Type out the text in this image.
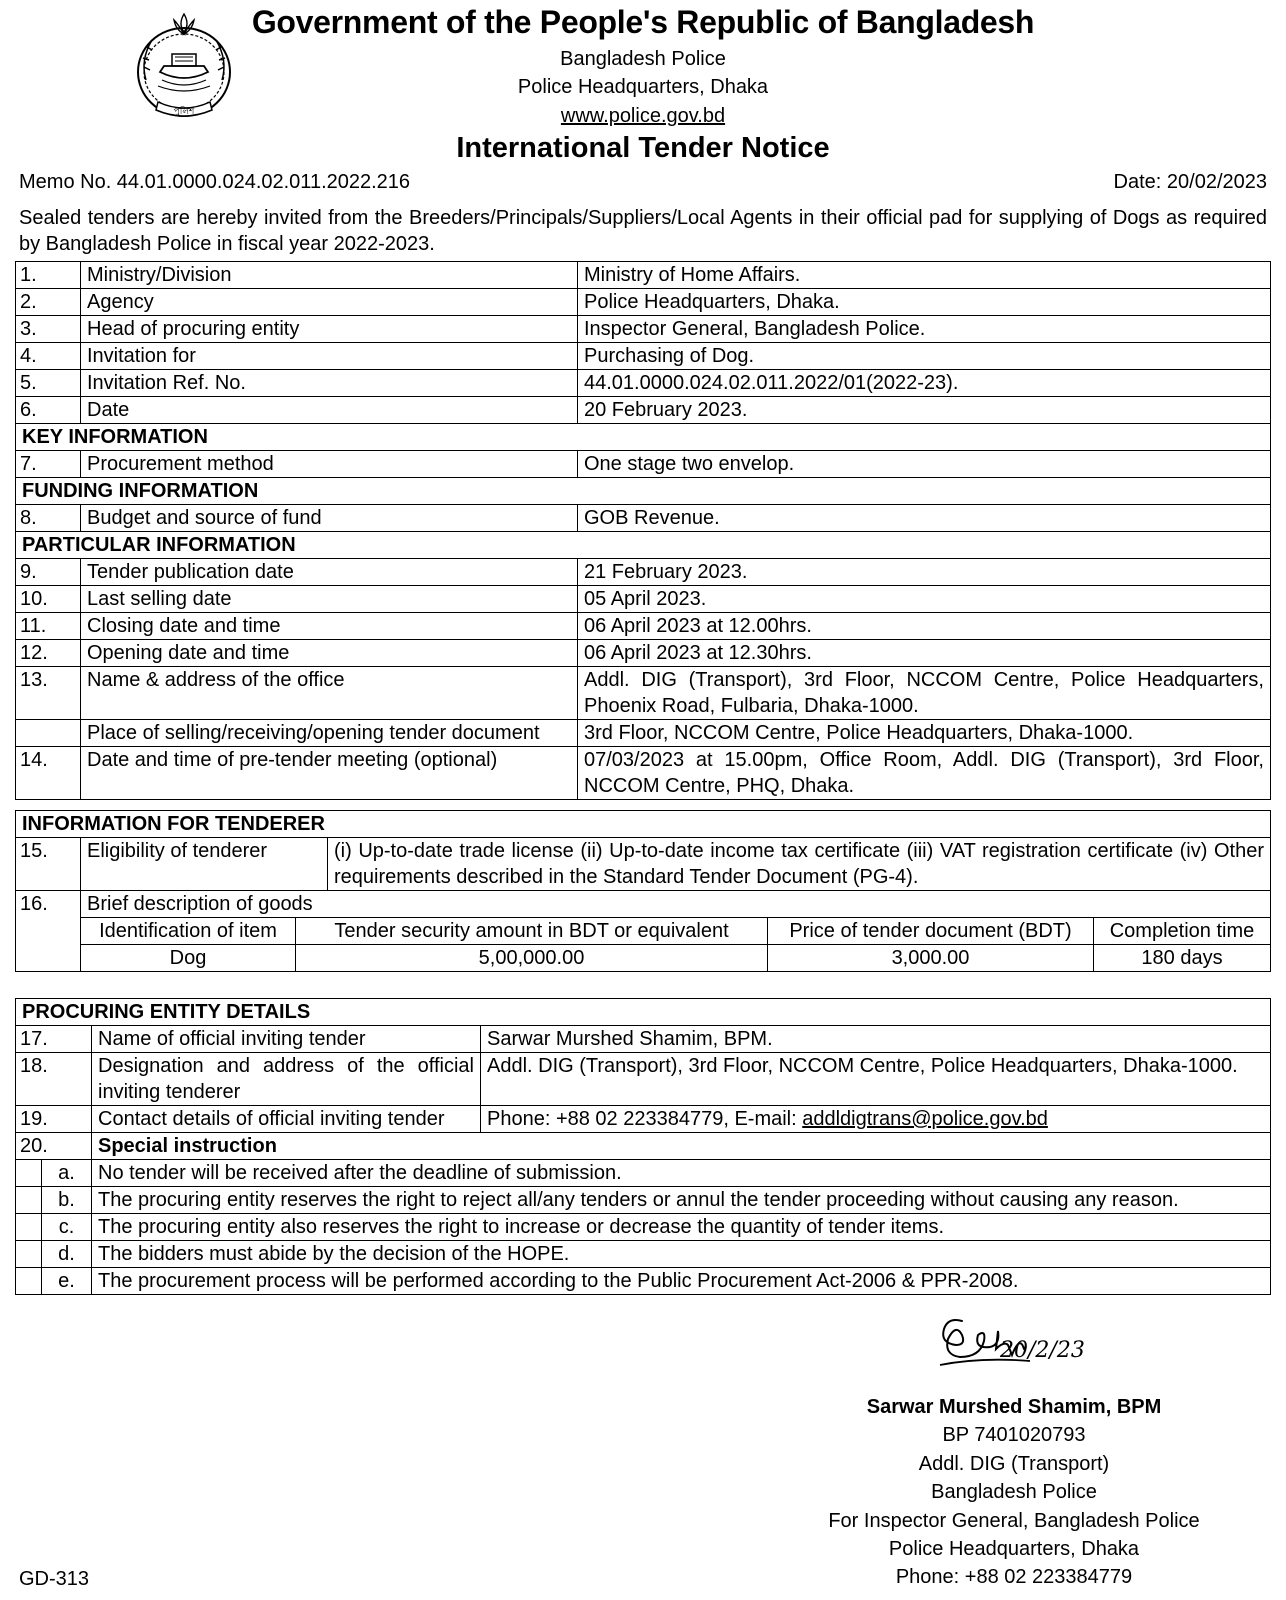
পুলিশ
Government of the People's Republic of Bangladesh
Bangladesh Police
Police Headquarters, Dhaka
www.police.gov.bd
International Tender Notice
Memo No. 44.01.0000.024.02.011.2022.216	Date: 20/02/2023
Sealed tenders are hereby invited from the Breeders/Principals/Suppliers/Local Agents in their official pad for supplying of Dogs as required by Bangladesh Police in fiscal year 2022-2023.
1.	Ministry/Division	Ministry of Home Affairs.
2.	Agency	Police Headquarters, Dhaka.
3.	Head of procuring entity	Inspector General, Bangladesh Police.
4.	Invitation for	Purchasing of Dog.
5.	Invitation Ref. No.	44.01.0000.024.02.011.2022/01(2022-23).
6.	Date	20 February 2023.
KEY INFORMATION		
7.	Procurement method	One stage two envelop.
FUNDING INFORMATION		
8.	Budget and source of fund	GOB Revenue.
PARTICULAR INFORMATION		
9.	Tender publication date	21 February 2023.
10.	Last selling date	05 April 2023.
11.	Closing date and time	06 April 2023 at 12.00hrs.
12.	Opening date and time	06 April 2023 at 12.30hrs.
13.	Name & address of the office	Addl. DIG (Transport), 3rd Floor, NCCOM Centre, Police Headquarters, Phoenix Road, Fulbaria, Dhaka-1000.
	Place of selling/receiving/opening tender document	3rd Floor, NCCOM Centre, Police Headquarters, Dhaka-1000.
14.	Date and time of pre-tender meeting (optional)	07/03/2023 at 15.00pm, Office Room, Addl. DIG (Transport), 3rd Floor, NCCOM Centre, PHQ, Dhaka.
INFORMATION FOR TENDERER					
15.	Eligibility of tenderer		(i) Up-to-date trade license (ii) Up-to-date income tax certificate (iii) VAT registration certificate (iv) Other requirements described in the Standard Tender Document (PG-4).		
16.	Brief description of goods				
	Identification of item	Tender security amount in BDT or equivalent		Price of tender document (BDT)	Completion time
	Dog	5,00,000.00		3,000.00	180 days
PROCURING ENTITY DETAILS			
17.		Name of official inviting tender	Sarwar Murshed Shamim, BPM.
18.		Designation and address of the official inviting tenderer	Addl. DIG (Transport), 3rd Floor, NCCOM Centre, Police Headquarters, Dhaka-1000.
19.		Contact details of official inviting tender	Phone: +88 02 223384779, E-mail: addldigtrans@police.gov.bd
20.		Special instruction	
	a.	No tender will be received after the deadline of submission.	
	b.	The procuring entity reserves the right to reject all/any tenders or annul the tender proceeding without causing any reason.	
	c.	The procuring entity also reserves the right to increase or decrease the quantity of tender items.	
	d.	The bidders must abide by the decision of the HOPE.	
	e.	The procurement process will be performed according to the Public Procurement Act-2006 & PPR-2008.	
20/2/23
Sarwar Murshed Shamim, BPM
BP 7401020793
Addl. DIG (Transport)
Bangladesh Police
For Inspector General, Bangladesh Police
Police Headquarters, Dhaka
Phone: +88 02 223384779
GD-313
